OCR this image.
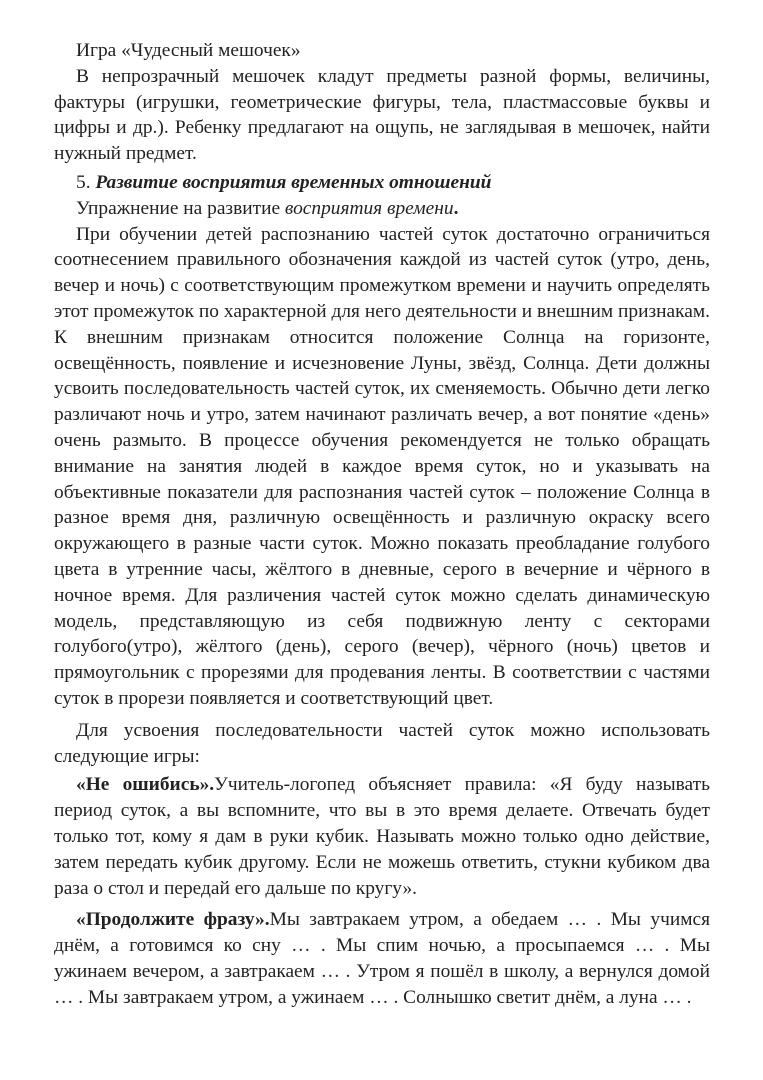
Игра «Чудесный мешочек»

В непрозрачный мешочек кладут предметы разной формы, величины, фактуры (игрушки, геометрические фигуры, тела, пластмассовые буквы и цифры и др.). Ребенку предлагают на ощупь, не заглядывая в мешочек, найти нужный предмет.

5. Развитие восприятия временных отношений

Упражнение на развитие восприятия времени.

При обучении детей распознанию частей суток достаточно ограничиться соотнесением правильного обозначения каждой из частей суток (утро, день, вечер и ночь) с соответствующим промежутком времени и научить определять этот промежуток по характерной для него деятельности и внешним признакам. К внешним признакам относится положение Солнца на горизонте, освещённость, появление и исчезновение Луны, звёзд, Солнца. Дети должны усвоить последовательность частей суток, их сменяемость. Обычно дети легко различают ночь и утро, затем начинают различать вечер, а вот понятие «день» очень размыто. В процессе обучения рекомендуется не только обращать внимание на занятия людей в каждое время суток, но и указывать на объективные показатели для распознания частей суток – положение Солнца в разное время дня, различную освещённость и различную окраску всего окружающего в разные части суток. Можно показать преобладание голубого цвета в утренние часы, жёлтого в дневные, серого в вечерние и чёрного в ночное время. Для различения частей суток можно сделать динамическую модель, представляющую из себя подвижную ленту с секторами голубого(утро), жёлтого (день), серого (вечер), чёрного (ночь) цветов и прямоугольник с прорезями для продевания ленты. В соответствии с частями суток в прорези появляется и соответствующий цвет.

Для усвоения последовательности частей суток можно использовать следующие игры:

«Не ошибись».Учитель-логопед объясняет правила: «Я буду называть период суток, а вы вспомните, что вы в это время делаете. Отвечать будет только тот, кому я дам в руки кубик. Называть можно только одно действие, затем передать кубик другому. Если не можешь ответить, стукни кубиком два раза о стол и передай его дальше по кругу».

«Продолжите фразу».Мы завтракаем утром, а обедаем … . Мы учимся днём, а готовимся ко сну … . Мы спим ночью, а просыпаемся … . Мы ужинаем вечером, а завтракаем … . Утром я пошёл в школу, а вернулся домой … . Мы завтракаем утром, а ужинаем … . Солнышко светит днём, а луна … .
